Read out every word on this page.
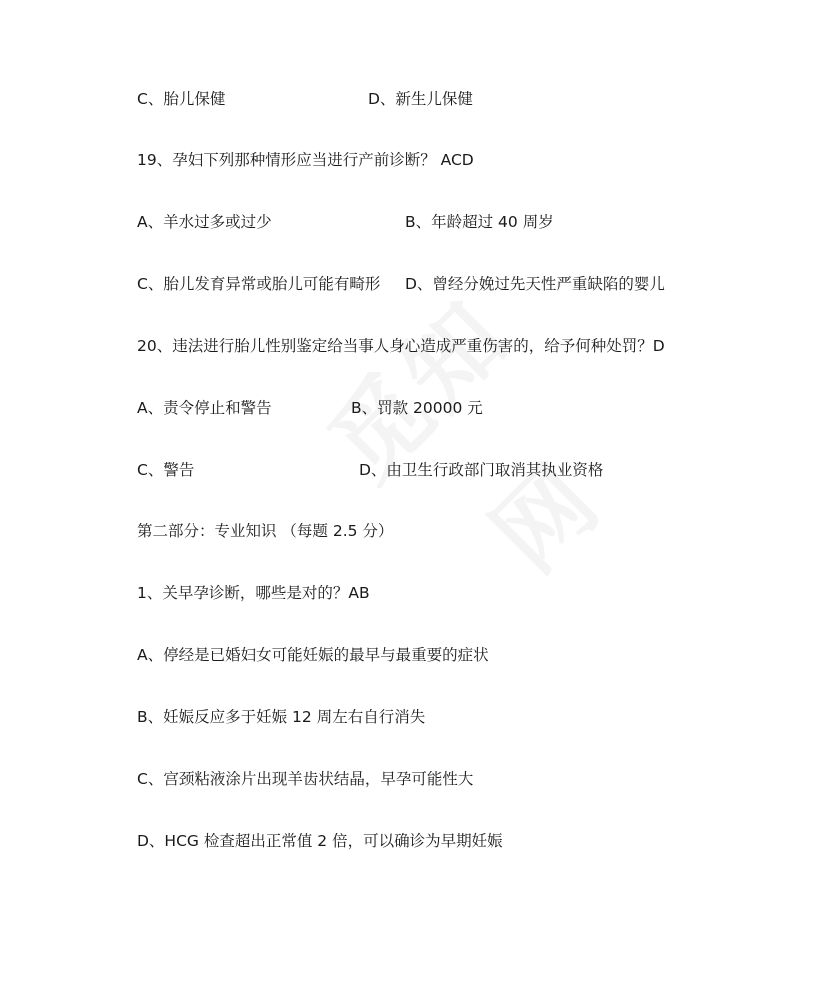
C、胎儿保健	D、新生儿保健
19、孕妇下列那种情形应当进行产前诊断？ ACD
A、羊水过多或过少	B、年龄超过 40 周岁
C、胎儿发育异常或胎儿可能有畸形 D、曾经分娩过先天性严重缺陷的婴儿
20、违法进行胎儿性别鉴定给当事人身心造成严重伤害的，给予何种处罚？D
A、责令停止和警告	B、罚款 20000 元
C、警告	D、由卫生行政部门取消其执业资格
第二部分：专业知识 （每题 2.5 分）
1、关早孕诊断，哪些是对的？AB
A、停经是已婚妇女可能妊娠的最早与最重要的症状
B、妊娠反应多于妊娠 12 周左右自行消失
C、宫颈粘液涂片出现羊齿状结晶，早孕可能性大
D、HCG 检查超出正常值 2 倍，可以确诊为早期妊娠
